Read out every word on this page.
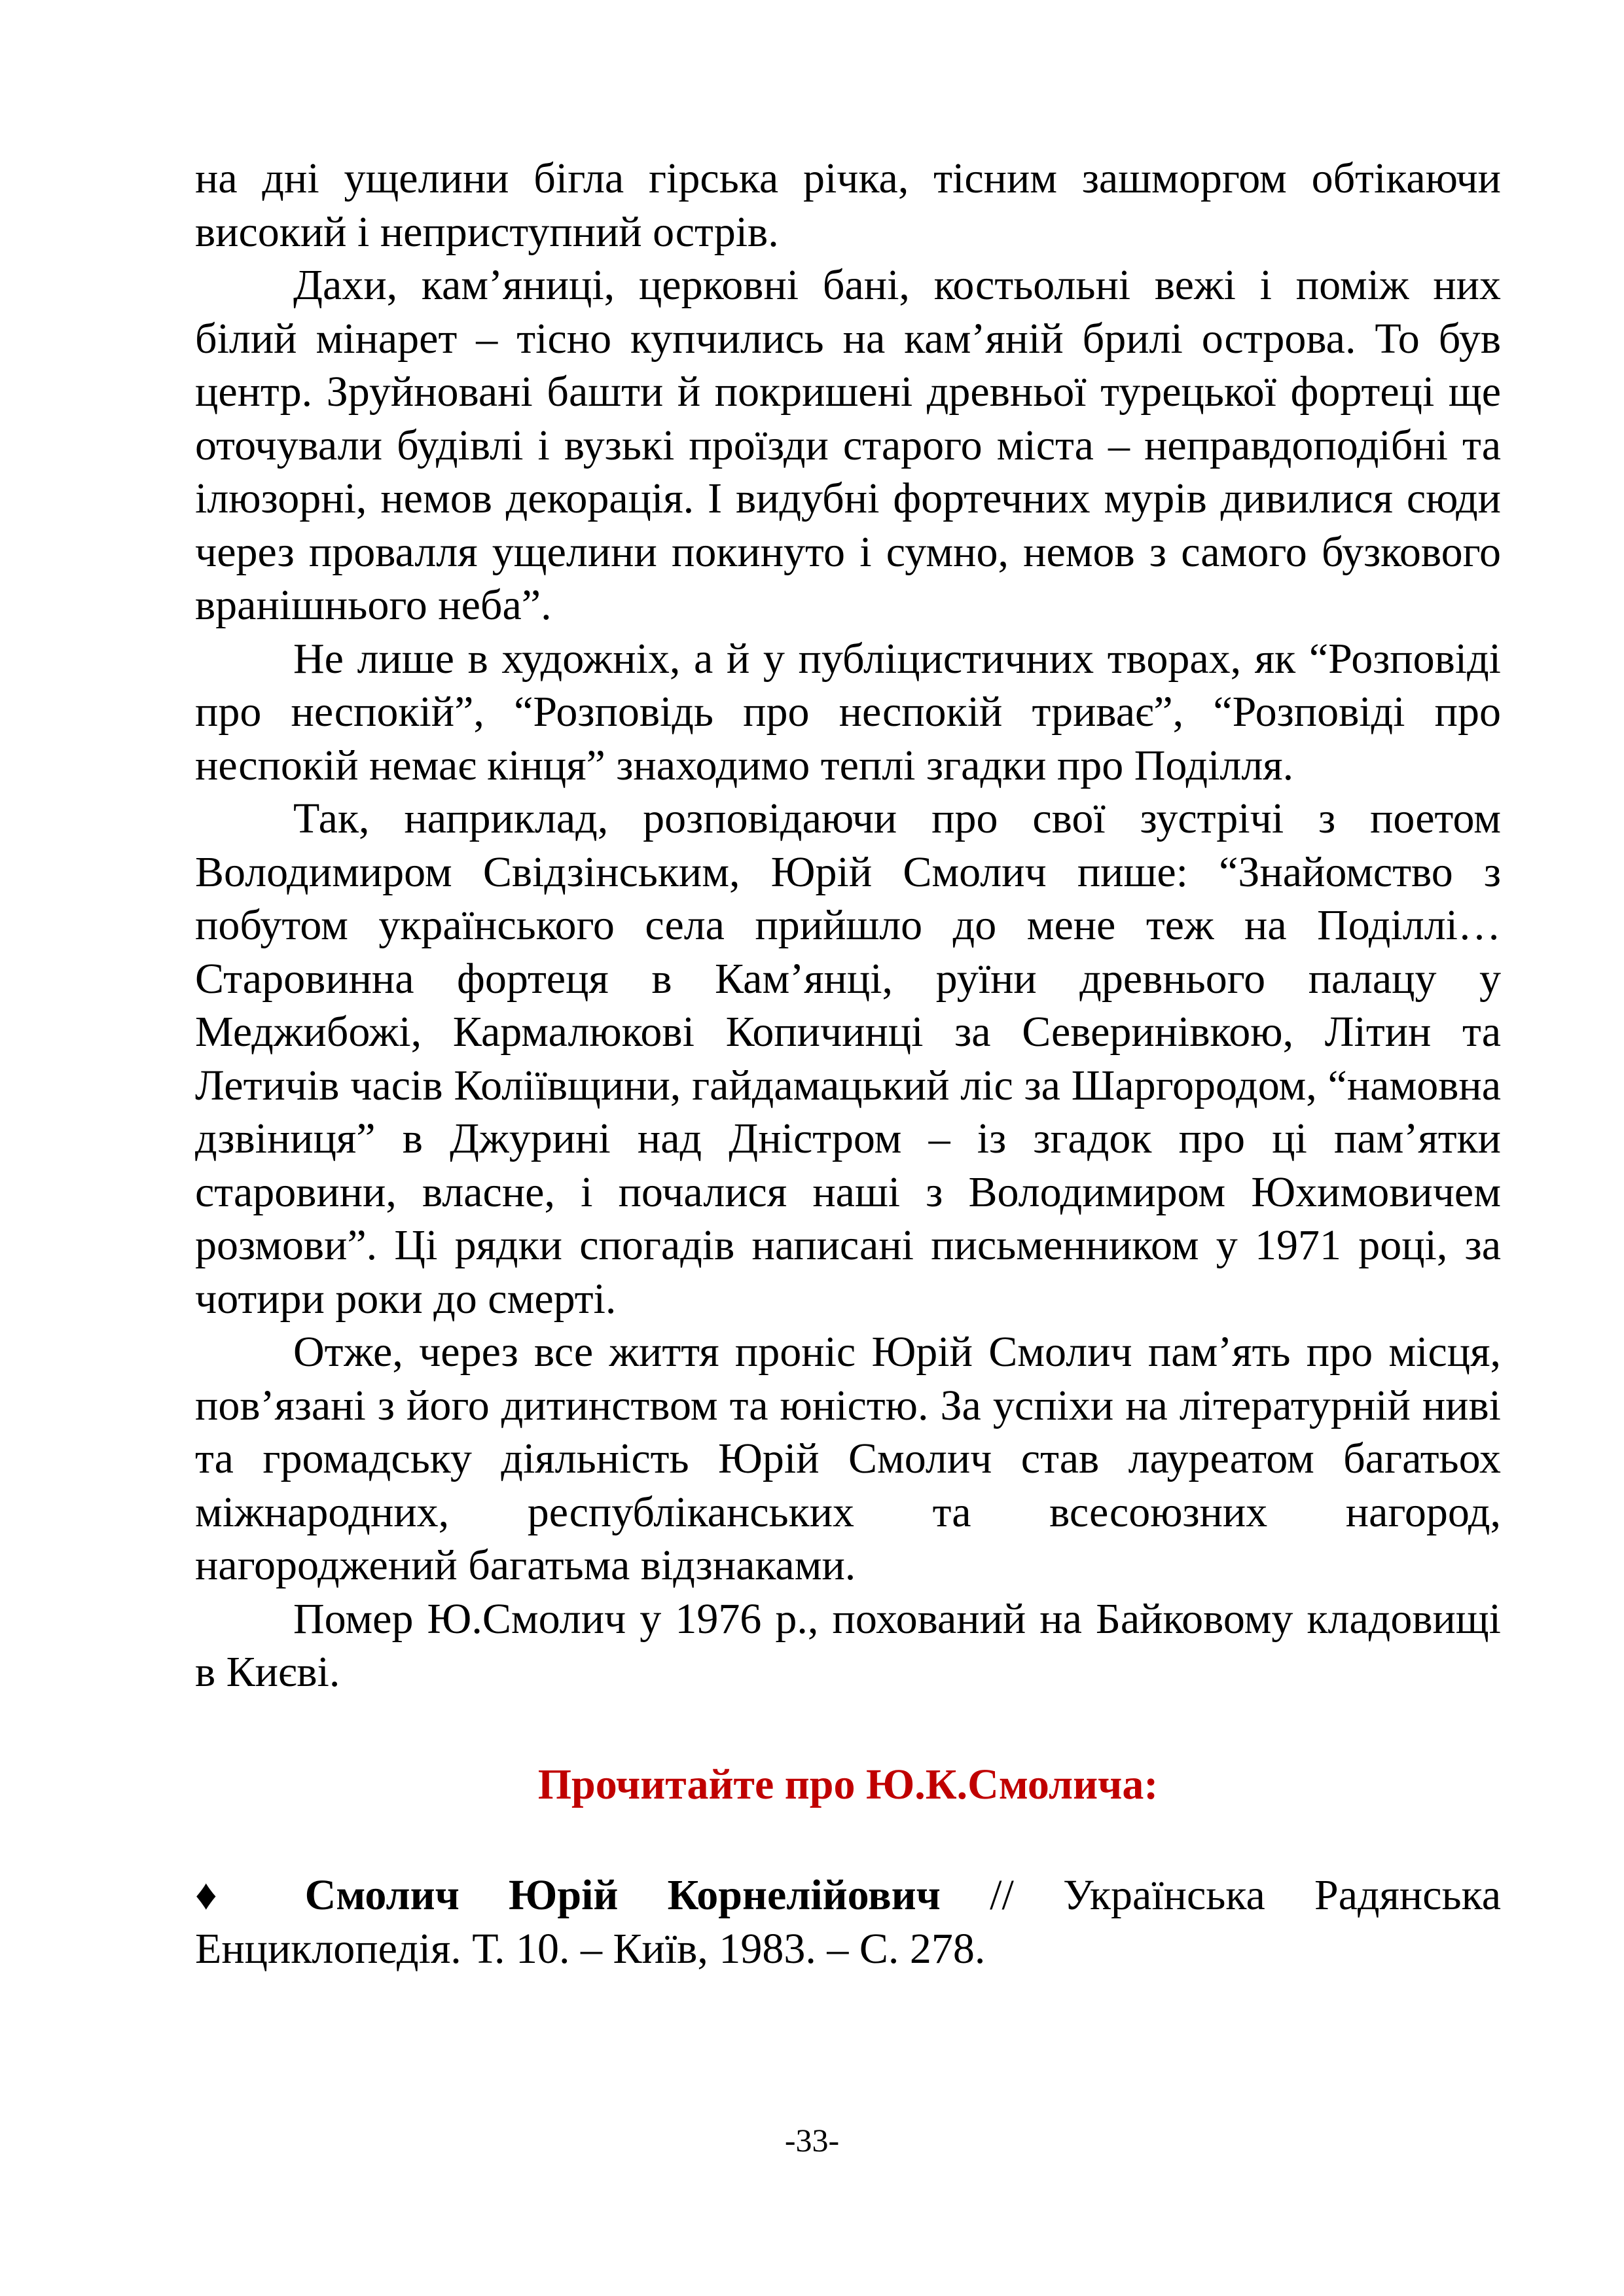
на дні ущелини бігла гірська річка, тісним зашморгом обтікаючи високий і неприступний острів.

Дахи, кам’яниці, церковні бані, костьольні вежі і поміж них білий мінарет – тісно купчились на кам’яній брилі острова. То був центр. Зруйновані башти й покришені древньої турецької фортеці ще оточували будівлі і вузькі проїзди старого міста – неправдоподібні та ілюзорні, немов декорація. І видубні фортечних мурів дивилися сюди через провалля ущелини покинуто і сумно, немов з самого бузкового вранішнього неба”.

Не лише в художніх, а й у публіцистичних творах, як “Розповіді про неспокій”, “Розповідь про неспокій триває”, “Розповіді про неспокій немає кінця” знаходимо теплі згадки про Поділля.

Так, наприклад, розповідаючи про свої зустрічі з поетом Володимиром Свідзінським, Юрій Смолич пише: “Знайомство з побутом українського села прийшло до мене теж на Поділлі… Старовинна фортеця в Кам’янці, руїни древнього палацу у Меджибожі, Кармалюкові Копичинці за Северинівкою, Літин та Летичів часів Коліївщини, гайдамацький ліс за Шаргородом, “намовна дзвіниця” в Джурині над Дністром – із згадок про ці пам’ятки старовини, власне, і почалися наші з Володимиром Юхимовичем розмови”. Ці рядки спогадів написані письменником у 1971 році, за чотири роки до смерті.

Отже, через все життя проніс Юрій Смолич пам’ять про місця, пов’язані з його дитинством та юністю. За успіхи на літературній ниві та громадську діяльність Юрій Смолич став лауреатом багатьох міжнародних, республіканських та всесоюзних нагород, нагороджений багатьма відзнаками.

Помер Ю.Смолич у 1976 р., похований на Байковому кладовищі в Києві.

Прочитайте про Ю.К.Смолича:

♦ Смолич Юрій Корнелійович // Українська Радянська Енциклопедія. Т. 10. – Київ, 1983. – С. 278.

-33-
